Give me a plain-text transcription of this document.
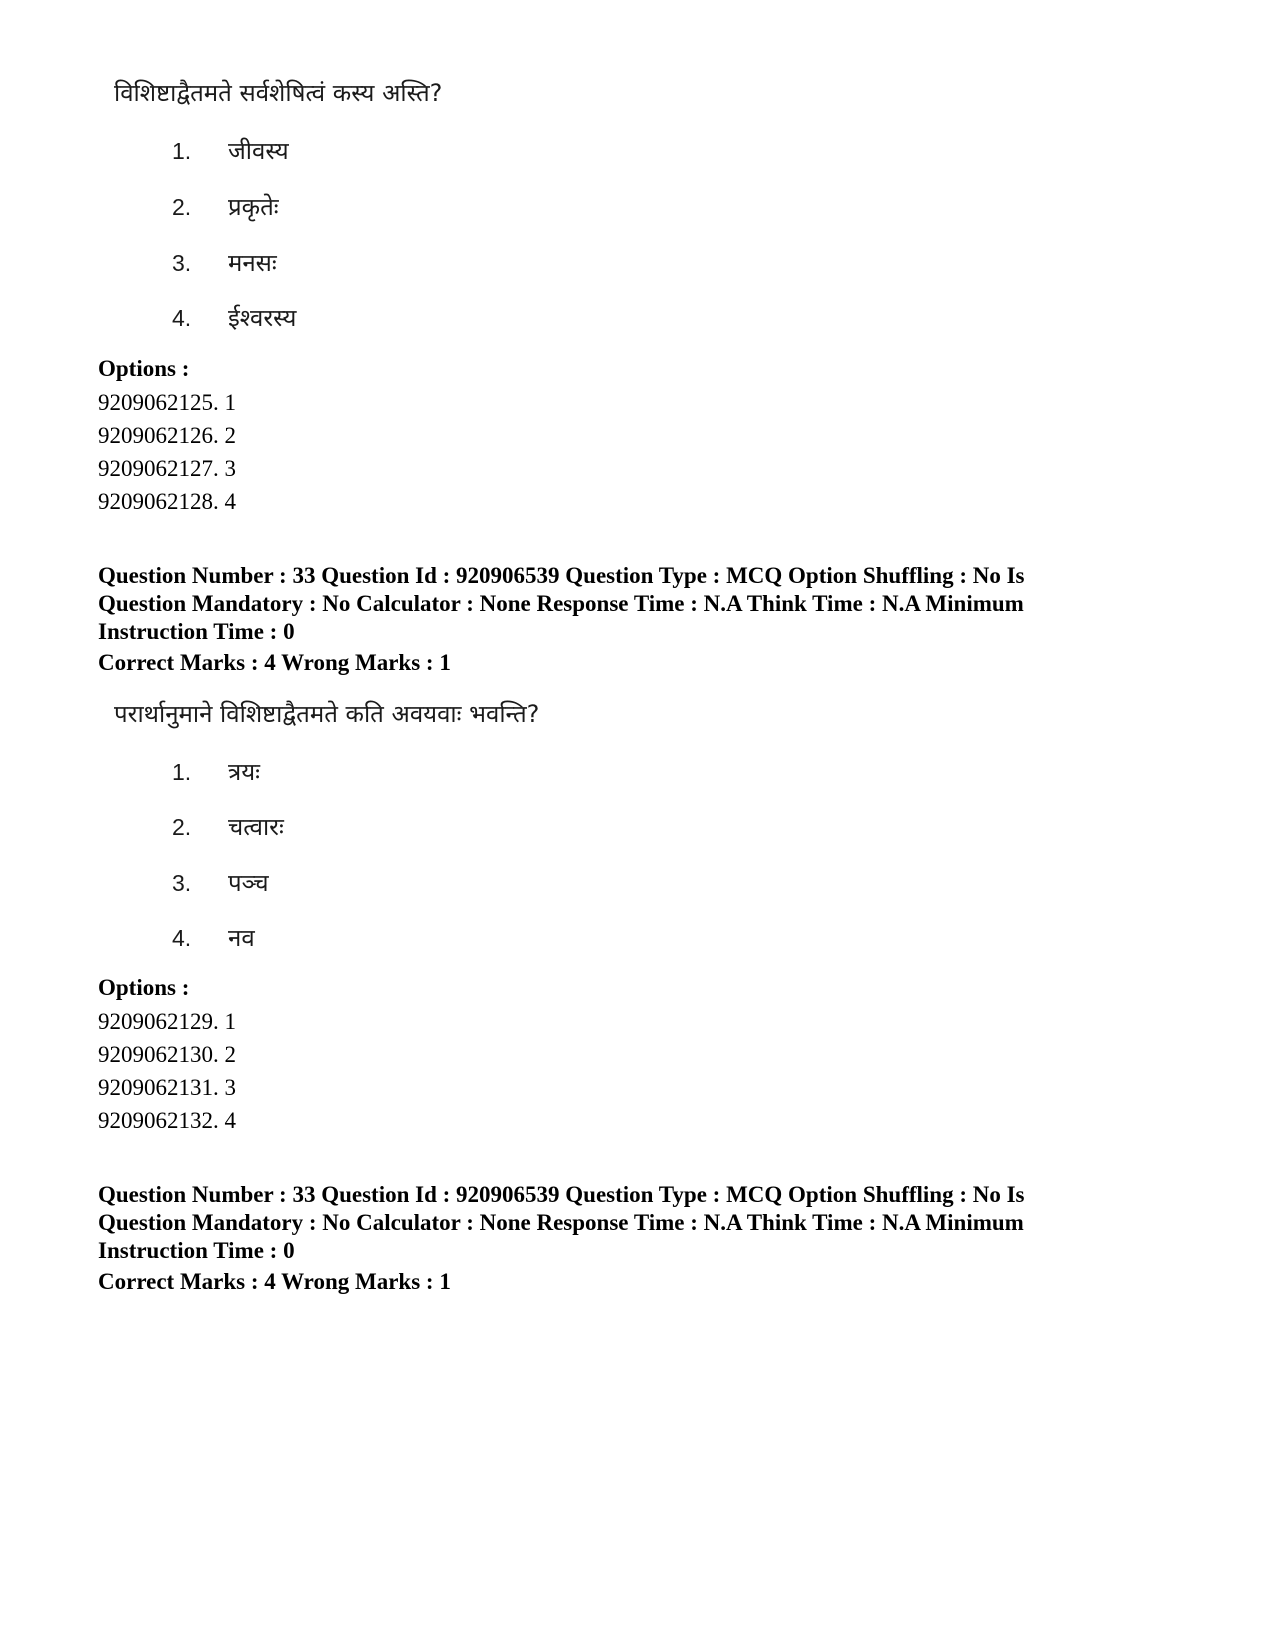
विशिष्टाद्वैतमते सर्वशेषित्वं कस्य अस्ति?
1. जीवस्य
2. प्रकृतेः
3. मनसः
4. ईश्वरस्य
Options :
9209062125. 1
9209062126. 2
9209062127. 3
9209062128. 4
Question Number : 33 Question Id : 920906539 Question Type : MCQ Option Shuffling : No Is
Question Mandatory : No Calculator : None Response Time : N.A Think Time : N.A Minimum
Instruction Time : 0
Correct Marks : 4 Wrong Marks : 1
परार्थानुमाने विशिष्टाद्वैतमते कति अवयवाः भवन्ति?
1. त्रयः
2. चत्वारः
3. पञ्च
4. नव
Options :
9209062129. 1
9209062130. 2
9209062131. 3
9209062132. 4
Question Number : 33 Question Id : 920906539 Question Type : MCQ Option Shuffling : No Is
Question Mandatory : No Calculator : None Response Time : N.A Think Time : N.A Minimum
Instruction Time : 0
Correct Marks : 4 Wrong Marks : 1
